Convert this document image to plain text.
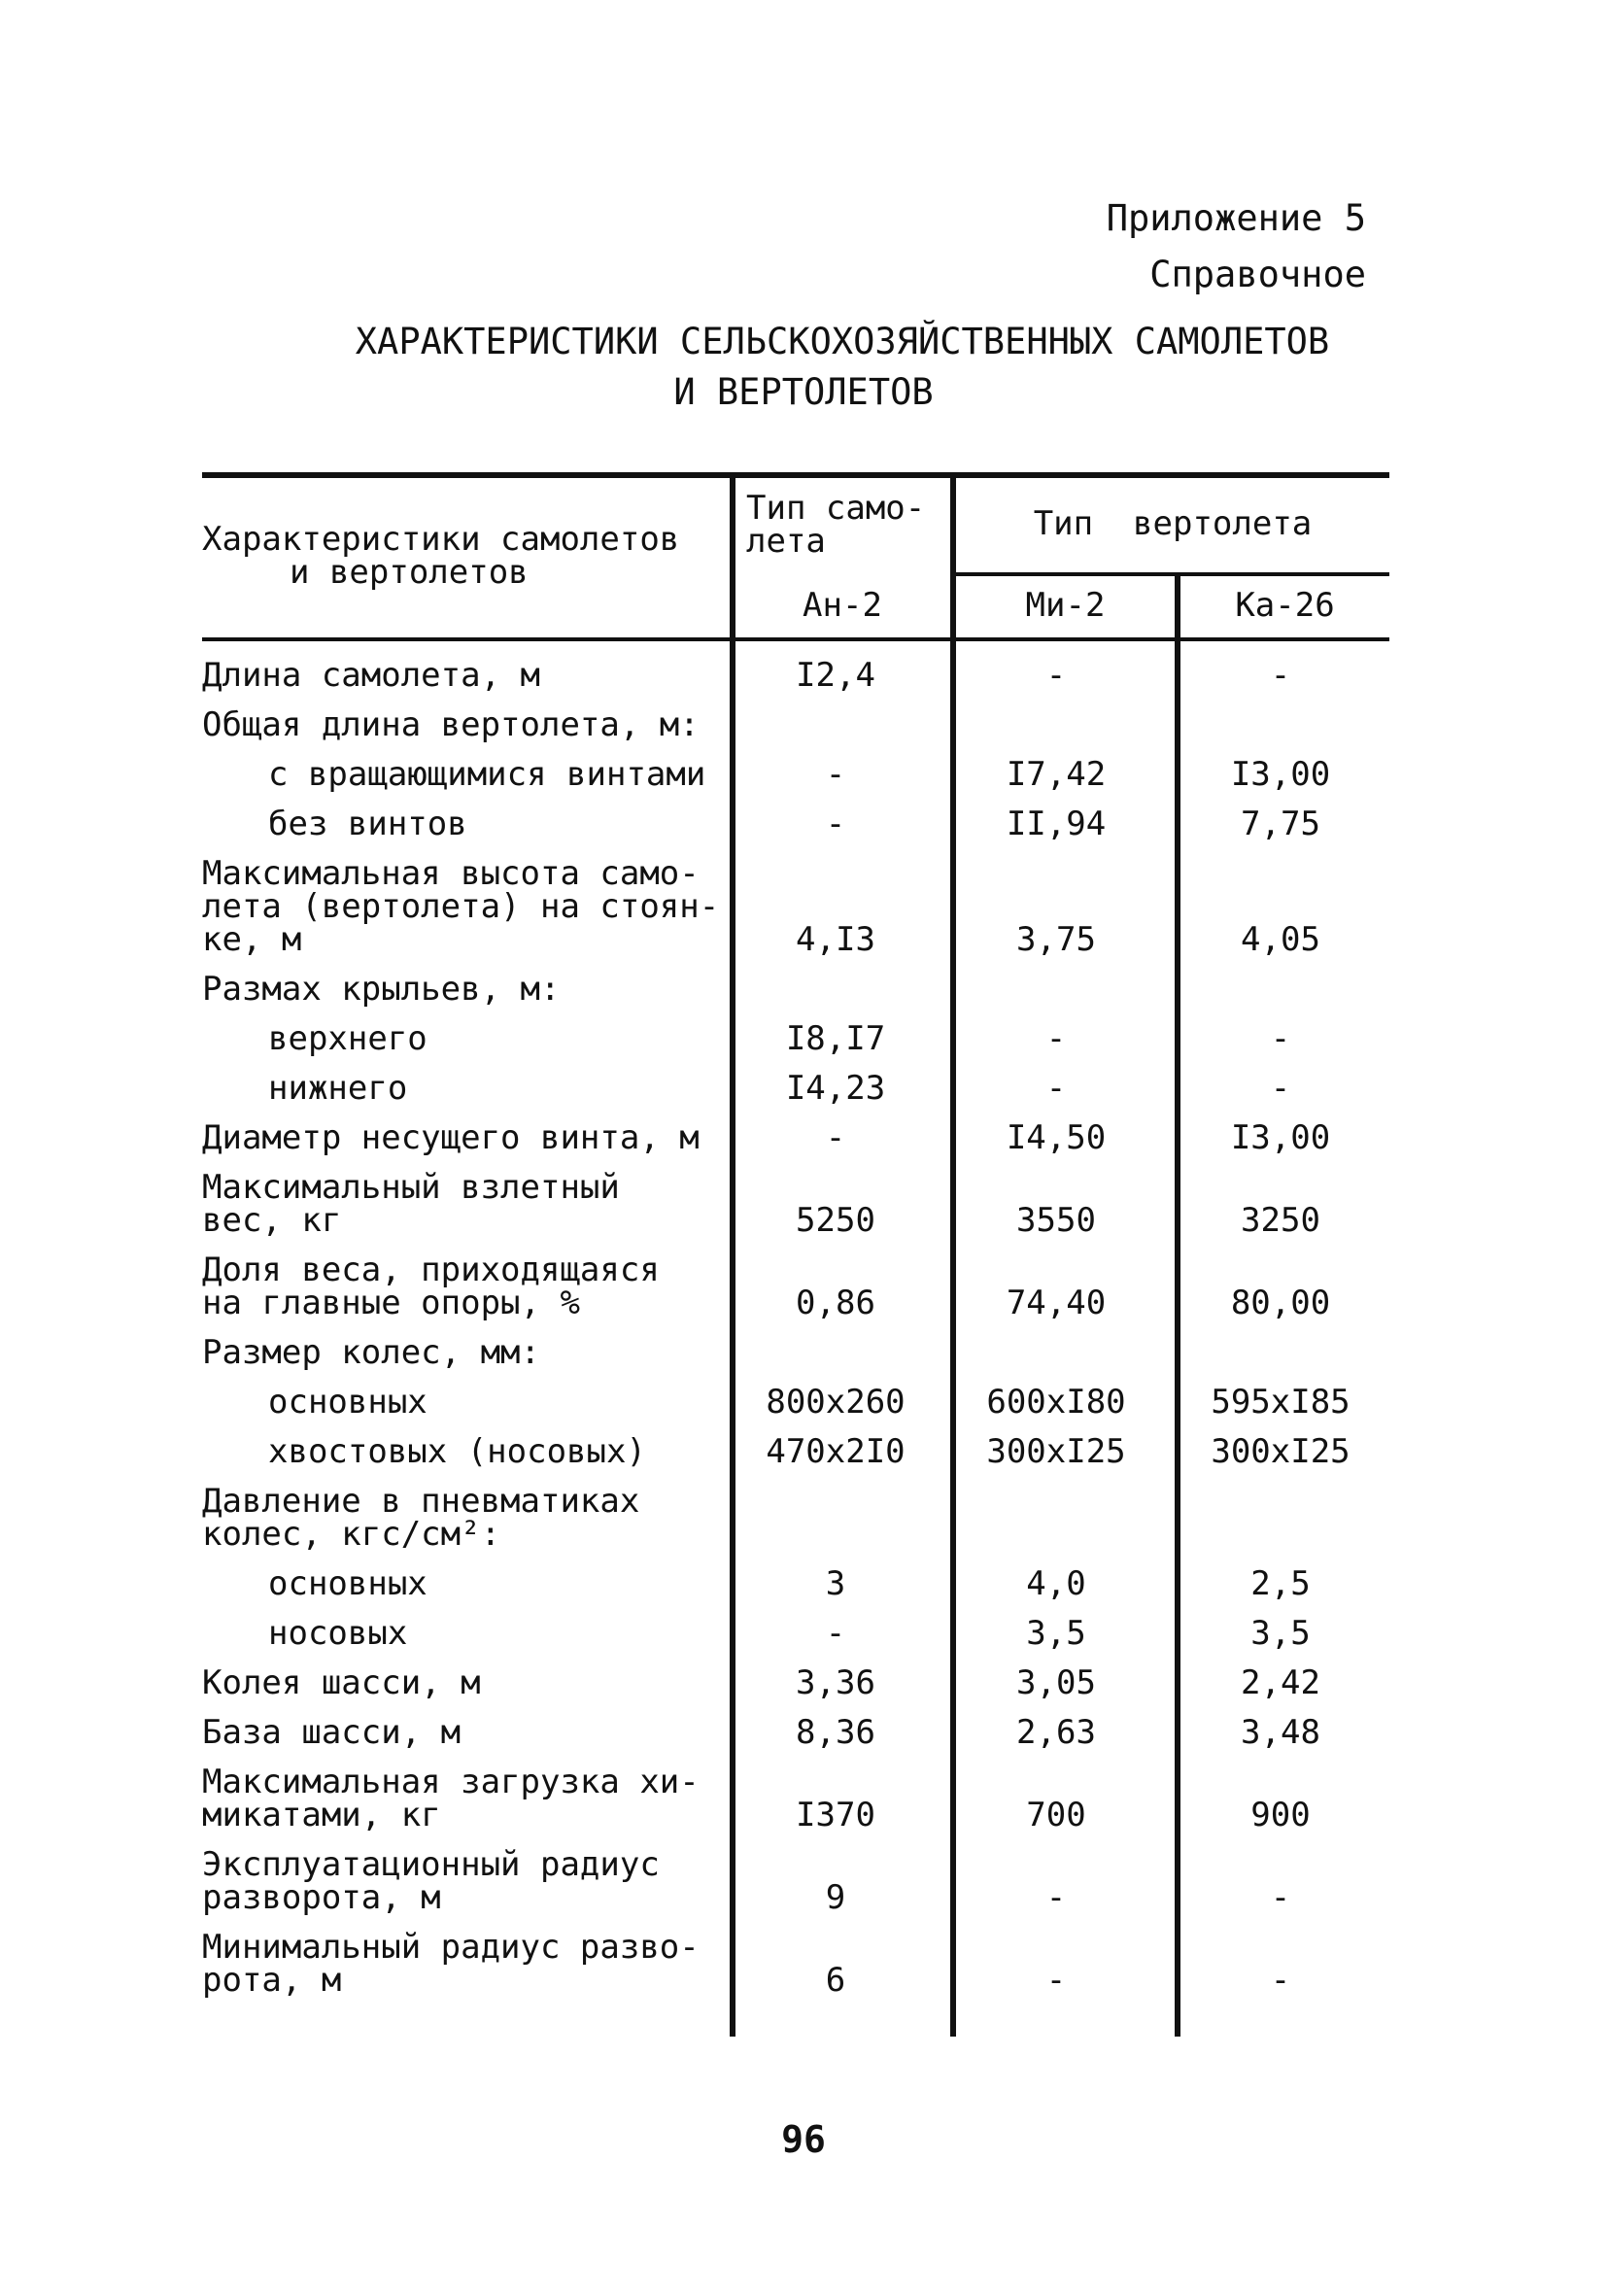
Приложение 5
Справочное
ХАРАКТЕРИСТИКИ СЕЛЬСКОХОЗЯЙСТВЕННЫХ САМОЛЕТОВ
И ВЕРТОЛЕТОВ
Характеристики самолетов
и вертолетов
Тип само-
лета	Тип  вертолета
Ан-2	Ми-2	Ка-26
Длина самолета, м	I2,4	-	-
Общая длина вертолета, м:
с вращающимися винтами	-	I7,42	I3,00
без винтов	-	II,94	7,75
Максимальная высота само-
лета (вертолета) на стоян-
ке, м	4,I3	3,75	4,05
Размах крыльев, м:
верхнего	I8,I7	-	-
нижнего	I4,23	-	-
Диаметр несущего винта, м	-	I4,50	I3,00
Максимальный взлетный
вес, кг	5250	3550	3250
Доля веса, приходящаяся
на главные опоры, %	0,86	74,40	80,00
Размер колес, мм:
основных	800x260	600xI80	595xI85
хвостовых (носовых)	470x2I0	300xI25	300xI25
Давление в пневматиках
колес, кгс/см²:
основных	3	4,0	2,5
носовых	-	3,5	3,5
Колея шасси, м	3,36	3,05	2,42
База шасси, м	8,36	2,63	3,48
Максимальная загрузка хи-
микатами, кг	I370	700	900
Эксплуатационный радиус
разворота, м	9	-	-
Минимальный радиус разво-
рота, м	6	-	-
96
